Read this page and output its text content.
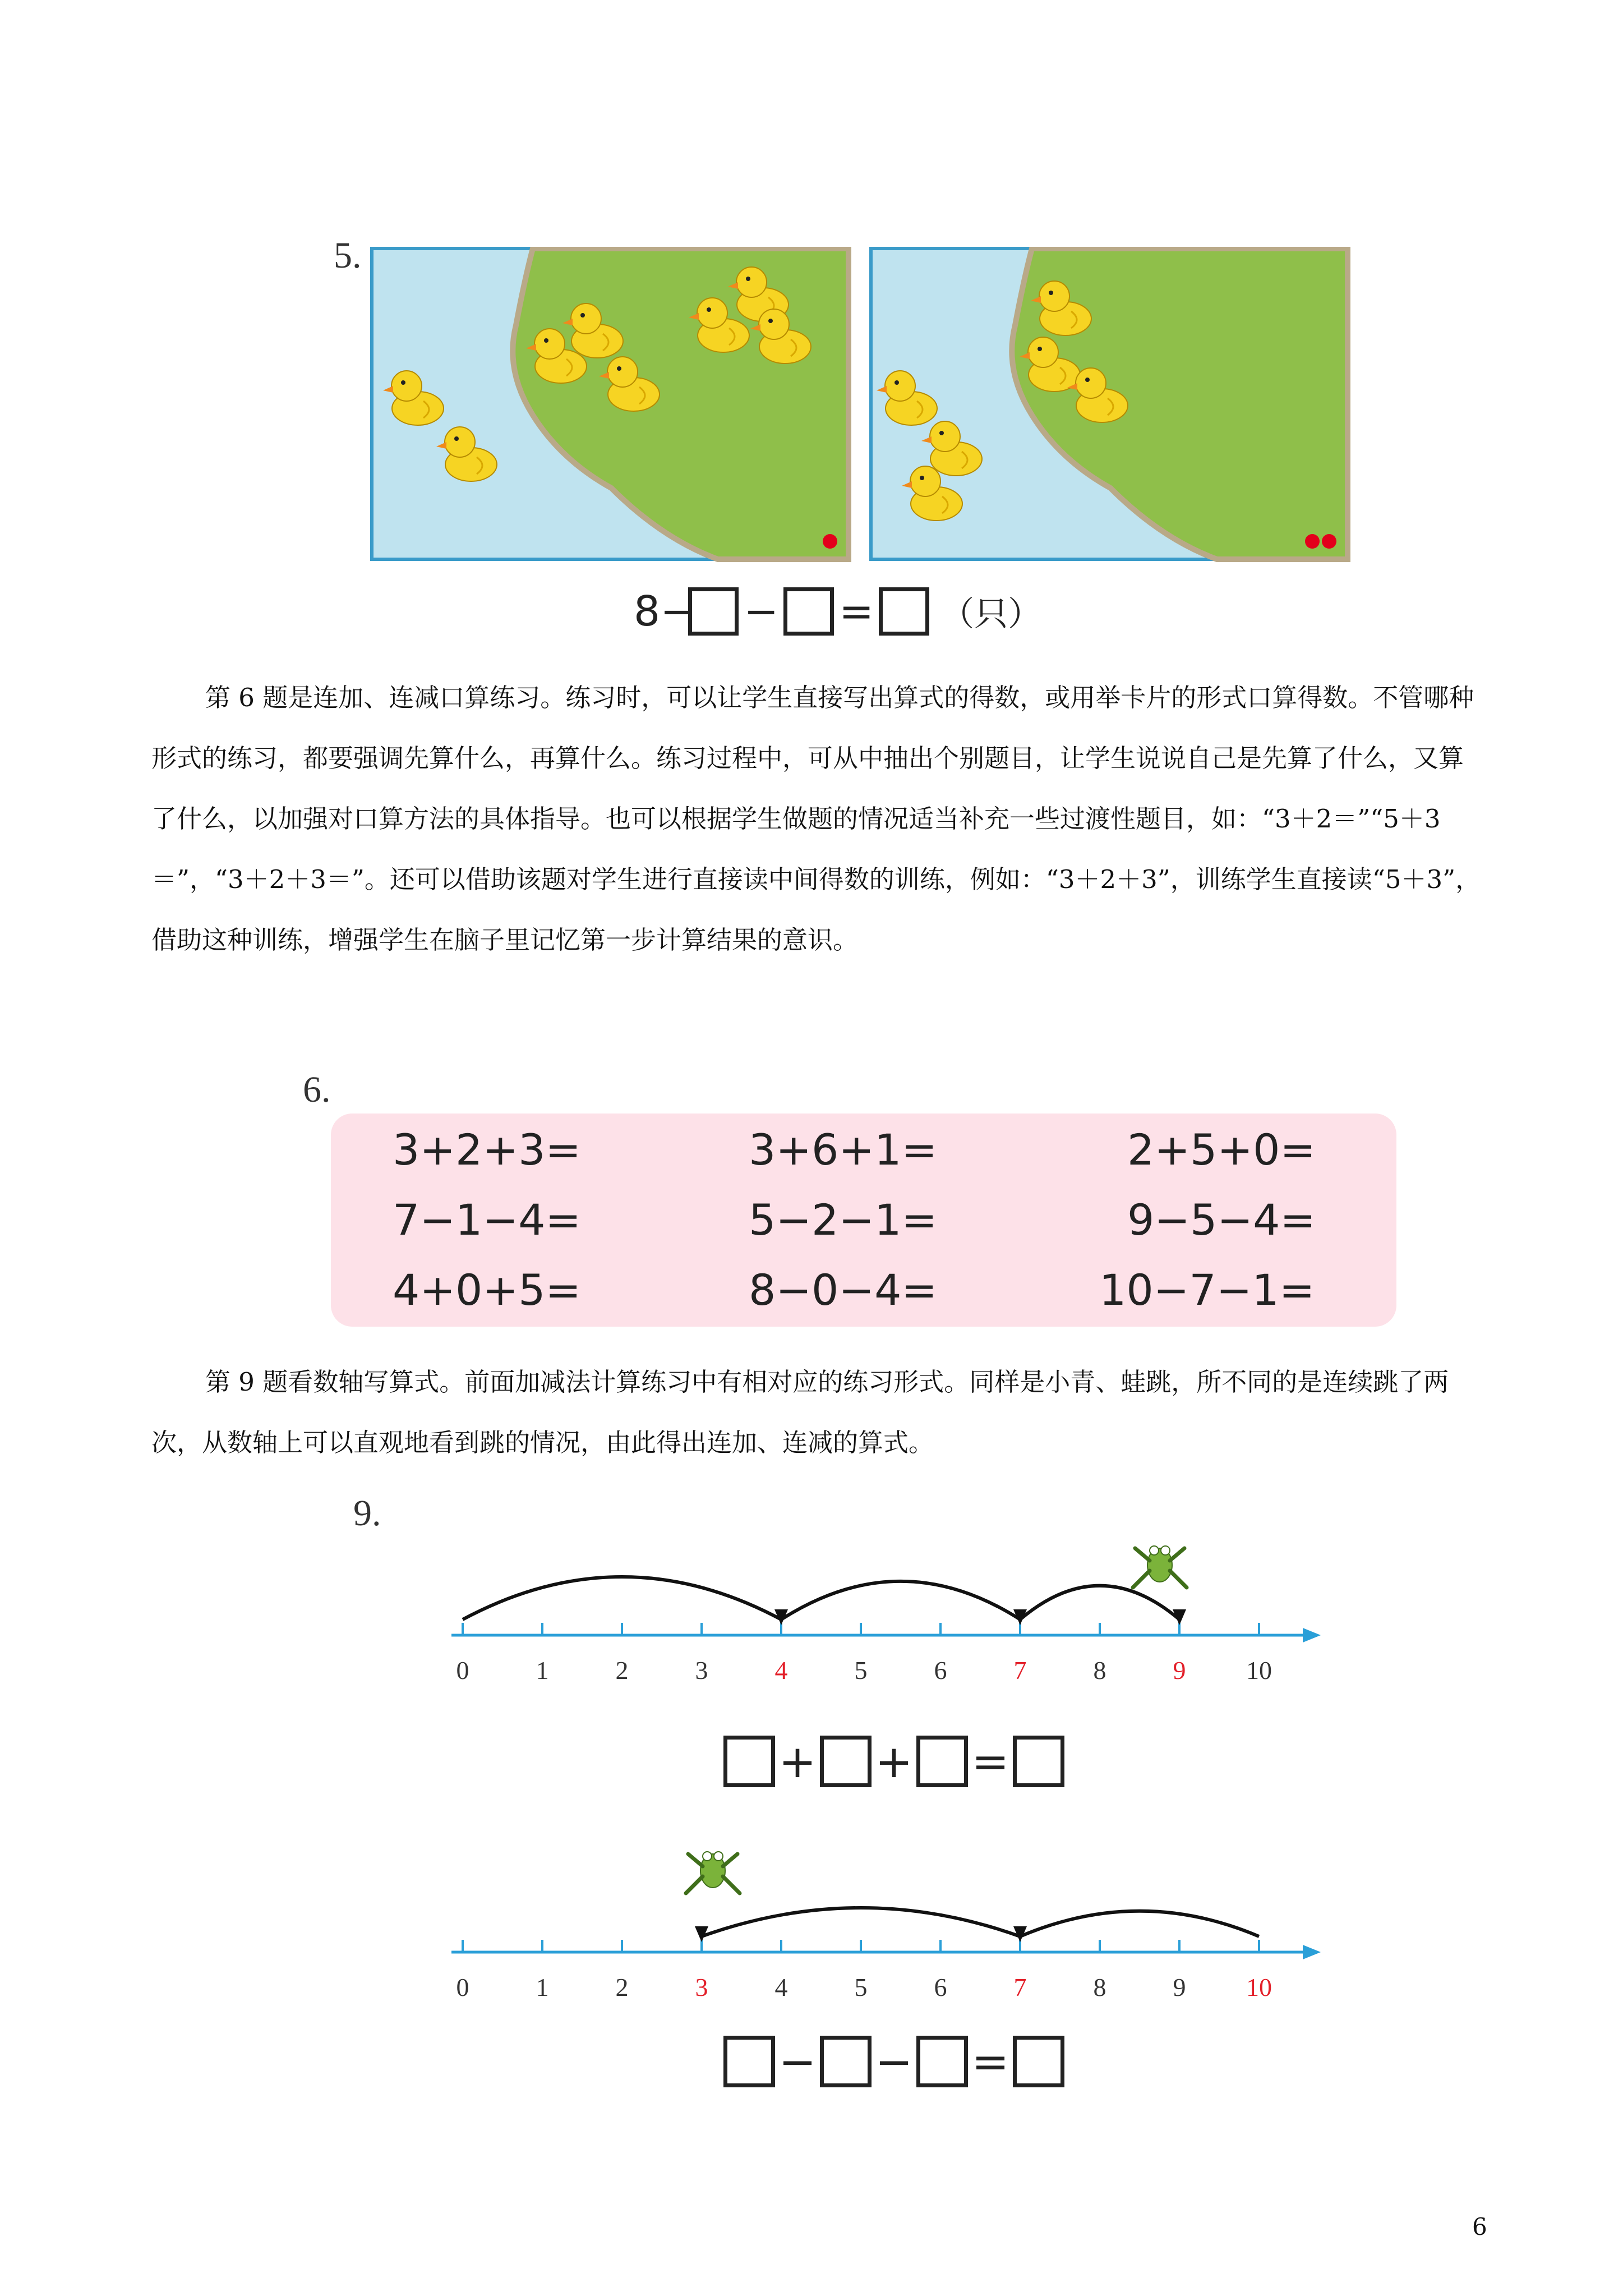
5.
8 − − = （只）

第 6 题是连加、连减口算练习。练习时，可以让学生直接写出算式的得数，或用举卡片的形式口算得数。不管哪种形式的练习，都要强调先算什么，再算什么。练习过程中，可从中抽出个别题目，让学生说说自己是先算了什么，又算了什么，以加强对口算方法的具体指导。也可以根据学生做题的情况适当补充一些过渡性题目，如：“3＋2＝”“5＋3＝”，“3＋2＋3＝”。还可以借助该题对学生进行直接读中间得数的训练，例如：“3＋2＋3”，训练学生直接读“5＋3”，借助这种训练，增强学生在脑子里记忆第一步计算结果的意识。

6.
3+2+3=	3+6+1=	2+5+0=
7−1−4=	5−2−1=	9−5−4=
4+0+5=	8−0−4=	10−7−1=

第 9 题看数轴写算式。前面加减法计算练习中有相对应的练习形式。同样是小青、蛙跳，所不同的是连续跳了两次，从数轴上可以直观地看到跳的情况，由此得出连加、连减的算式。

9.
0	1	2	3	4	5	6	7	8	9 10
+ + =
0	1	2	3	4	5	6	7	8	9 10
− − =
6
